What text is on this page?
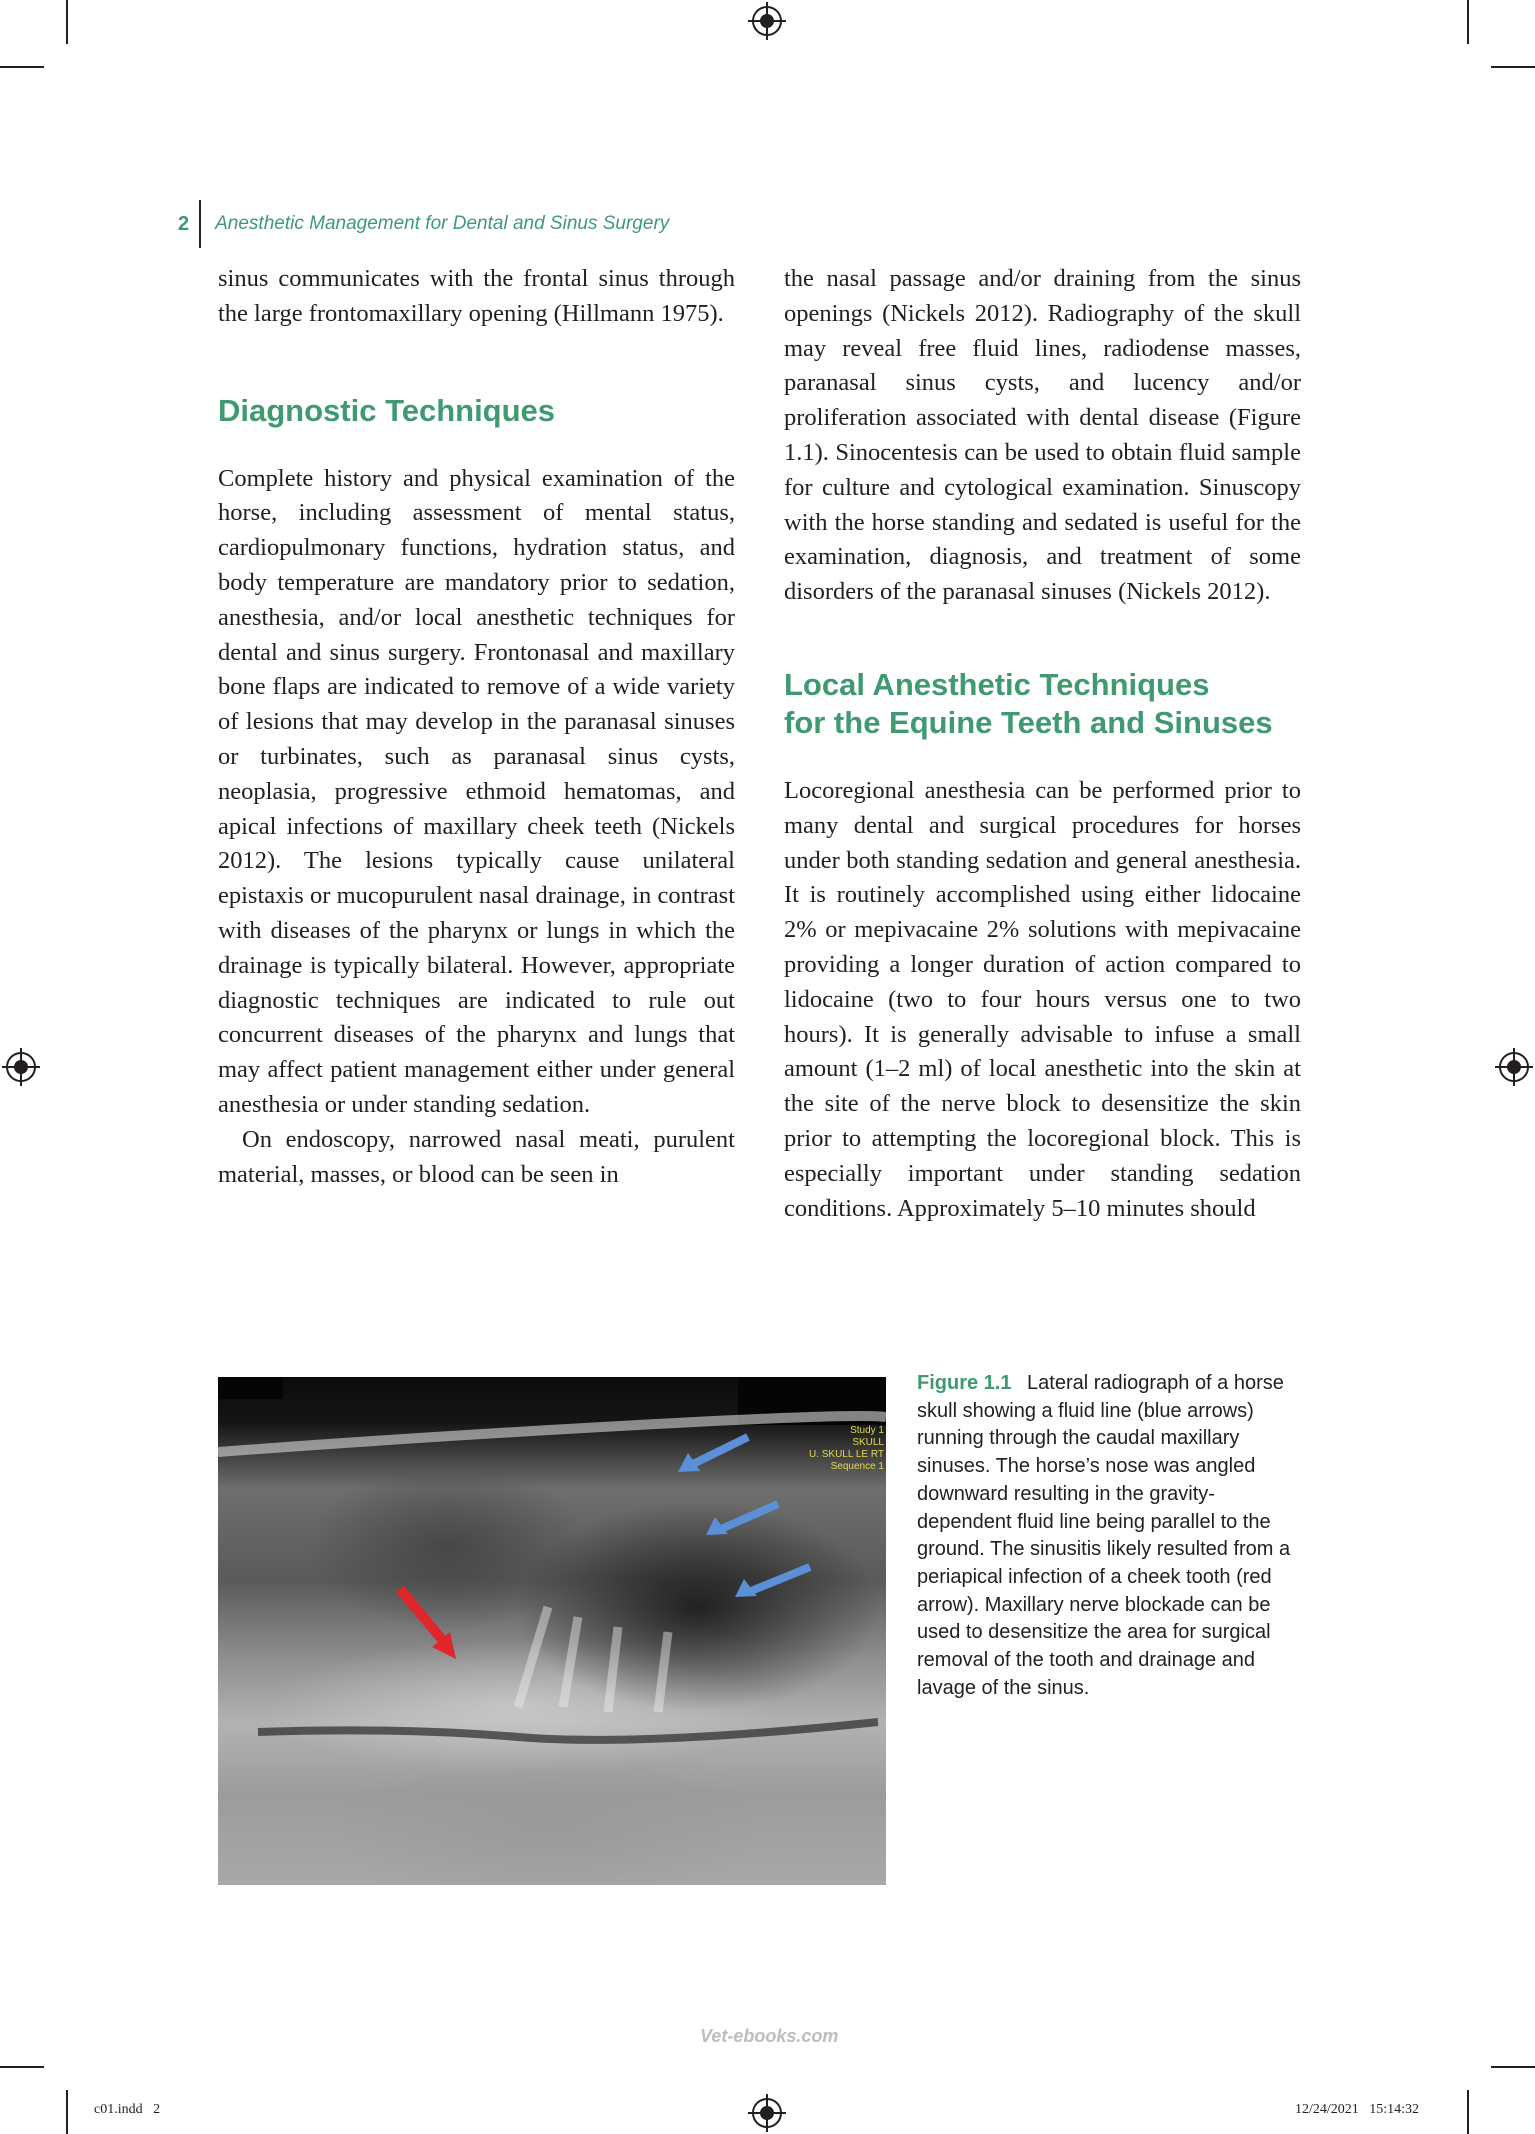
2 Anesthetic Management for Dental and Sinus Surgery

sinus communicates with the frontal sinus through the large frontomaxillary opening (Hillmann 1975).

Diagnostic Techniques

Complete history and physical examination of the horse, including assessment of mental status, cardiopulmonary functions, hydration status, and body temperature are mandatory prior to sedation, anesthesia, and/or local anesthetic techniques for dental and sinus surgery. Frontonasal and maxillary bone flaps are indicated to remove of a wide variety of lesions that may develop in the paranasal sinuses or turbinates, such as paranasal sinus cysts, neoplasia, progressive ethmoid hematomas, and apical infections of maxillary cheek teeth (Nickels 2012). The lesions typically cause unilateral epistaxis or mucopurulent nasal drainage, in contrast with diseases of the pharynx or lungs in which the drainage is typically bilateral. However, appropriate diagnostic techniques are indicated to rule out concurrent diseases of the pharynx and lungs that may affect patient management either under general anesthesia or under standing sedation.

On endoscopy, narrowed nasal meati, purulent material, masses, or blood can be seen in

the nasal passage and/or draining from the sinus openings (Nickels 2012). Radiography of the skull may reveal free fluid lines, radiodense masses, paranasal sinus cysts, and lucency and/or proliferation associated with dental disease (Figure 1.1). Sinocentesis can be used to obtain fluid sample for culture and cytological examination. Sinuscopy with the horse standing and sedated is useful for the examination, diagnosis, and treatment of some disorders of the paranasal sinuses (Nickels 2012).

Local Anesthetic Techniques
for the Equine Teeth and Sinuses

Locoregional anesthesia can be performed prior to many dental and surgical procedures for horses under both standing sedation and general anesthesia. It is routinely accomplished using either lidocaine 2% or mepivacaine 2% solutions with mepivacaine providing a longer duration of action compared to lidocaine (two to four hours versus one to two hours). It is generally advisable to infuse a small amount (1–2 ml) of local anesthetic into the skin at the site of the nerve block to desensitize the skin prior to attempting the locoregional block. This is especially important under standing sedation conditions. Approximately 5–10 minutes should

Study 1
SKULL
U. SKULL LE RT
Sequence 1
Figure 1.1 Lateral radiograph of a horse skull showing a fluid line (blue arrows) running through the caudal maxillary sinuses. The horse’s nose was angled downward resulting in the gravity-dependent fluid line being parallel to the ground. The sinusitis likely resulted from a periapical infection of a cheek tooth (red arrow). Maxillary nerve blockade can be used to desensitize the area for surgical removal of the tooth and drainage and lavage of the sinus.
Vet-ebooks.com
c01.indd   2	12/24/2021   15:14:32
